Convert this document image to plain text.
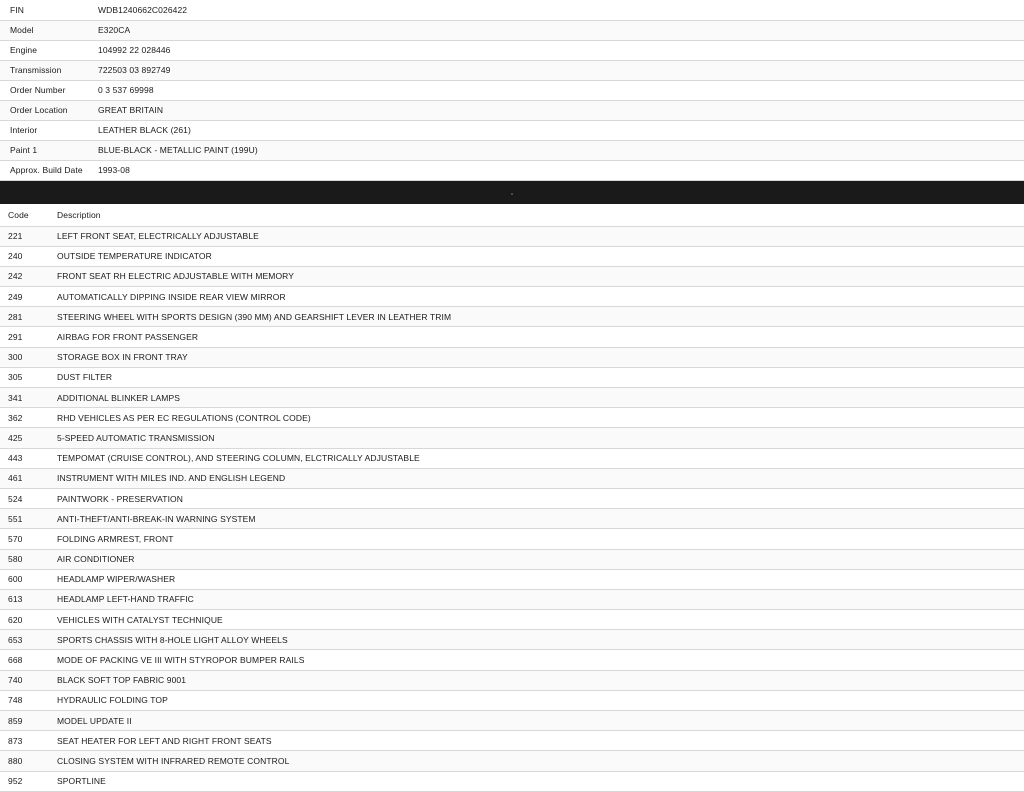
FIN	WDB1240662C026422
Model	E320CA
Engine	104992 22 028446
Transmission	722503 03 892749
Order Number	0 3 537 69998
Order Location	GREAT BRITAIN
Interior	LEATHER BLACK (261)
Paint 1	BLUE-BLACK - METALLIC PAINT (199U)
Approx. Build Date	1993-08
.
Code	Description
221	LEFT FRONT SEAT, ELECTRICALLY ADJUSTABLE
240	OUTSIDE TEMPERATURE INDICATOR
242	FRONT SEAT RH ELECTRIC ADJUSTABLE WITH MEMORY
249	AUTOMATICALLY DIPPING INSIDE REAR VIEW MIRROR
281	STEERING WHEEL WITH SPORTS DESIGN (390 MM) AND GEARSHIFT LEVER IN LEATHER TRIM
291	AIRBAG FOR FRONT PASSENGER
300	STORAGE BOX IN FRONT TRAY
305	DUST FILTER
341	ADDITIONAL BLINKER LAMPS
362	RHD VEHICLES AS PER EC REGULATIONS (CONTROL CODE)
425	5-SPEED AUTOMATIC TRANSMISSION
443	TEMPOMAT (CRUISE CONTROL), AND STEERING COLUMN, ELCTRICALLY ADJUSTABLE
461	INSTRUMENT WITH MILES IND. AND ENGLISH LEGEND
524	PAINTWORK - PRESERVATION
551	ANTI-THEFT/ANTI-BREAK-IN WARNING SYSTEM
570	FOLDING ARMREST, FRONT
580	AIR CONDITIONER
600	HEADLAMP WIPER/WASHER
613	HEADLAMP LEFT-HAND TRAFFIC
620	VEHICLES WITH CATALYST TECHNIQUE
653	SPORTS CHASSIS WITH 8-HOLE LIGHT ALLOY WHEELS
668	MODE OF PACKING VE III WITH STYROPOR BUMPER RAILS
740	BLACK SOFT TOP FABRIC 9001
748	HYDRAULIC FOLDING TOP
859	MODEL UPDATE II
873	SEAT HEATER FOR LEFT AND RIGHT FRONT SEATS
880	CLOSING SYSTEM WITH INFRARED REMOTE CONTROL
952	SPORTLINE
